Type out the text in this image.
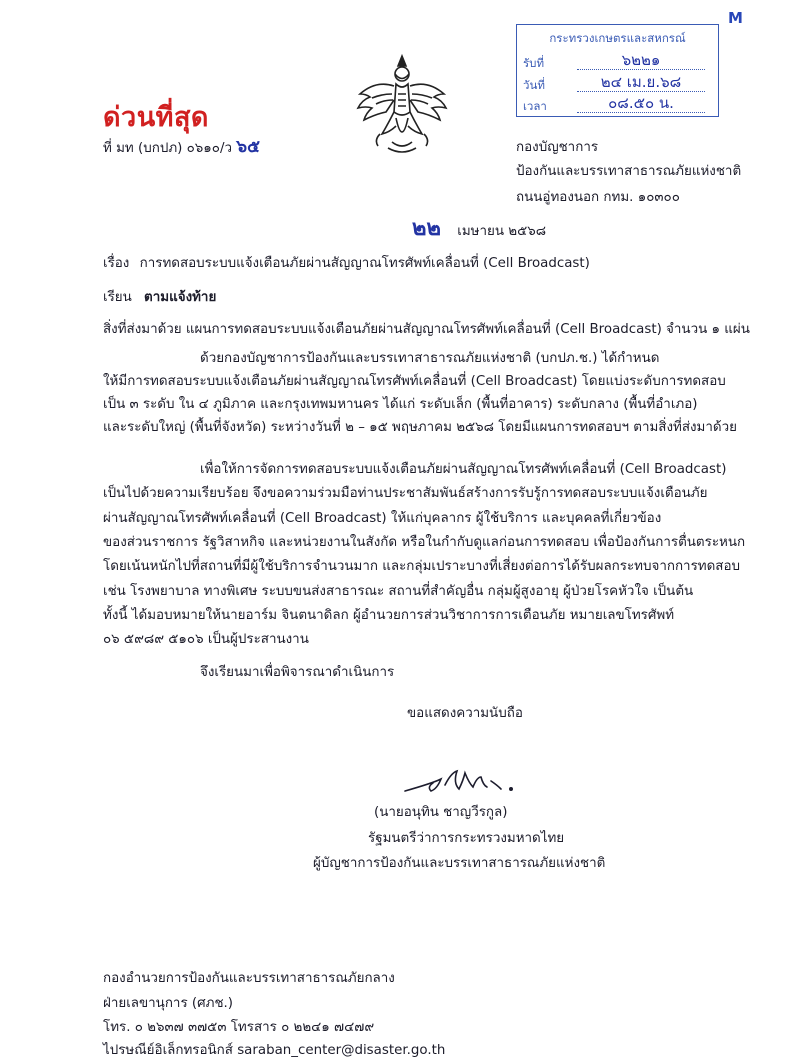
กระทรวงเกษตรและสหกรณ์
รับที่	๖๒๒๑
วันที่	๒๔ เม.ย.๖๘
เวลา	๐๘.๕๐ น.
M
ด่วนที่สุด
ที่ มท (บกปภ) ๐๖๑๐/ว ๖๕	กองบัญชาการ
ป้องกันและบรรเทาสาธารณภัยแห่งชาติ
ถนนอู่ทองนอก กทม. ๑๐๓๐๐
๒๒ เมษายน ๒๕๖๘
เรื่อง การทดสอบระบบแจ้งเตือนภัยผ่านสัญญาณโทรศัพท์เคลื่อนที่ (Cell Broadcast)
เรียน ตามแจ้งท้าย
สิ่งที่ส่งมาด้วย แผนการทดสอบระบบแจ้งเตือนภัยผ่านสัญญาณโทรศัพท์เคลื่อนที่ (Cell Broadcast) จำนวน ๑ แผ่น
ด้วยกองบัญชาการป้องกันและบรรเทาสาธารณภัยแห่งชาติ (บกปภ.ช.) ได้กำหนด
ให้มีการทดสอบระบบแจ้งเตือนภัยผ่านสัญญาณโทรศัพท์เคลื่อนที่ (Cell Broadcast) โดยแบ่งระดับการทดสอบ
เป็น ๓ ระดับ ใน ๔ ภูมิภาค และกรุงเทพมหานคร ได้แก่ ระดับเล็ก (พื้นที่อาคาร) ระดับกลาง (พื้นที่อำเภอ)
และระดับใหญ่ (พื้นที่จังหวัด) ระหว่างวันที่ ๒ – ๑๕ พฤษภาคม ๒๕๖๘ โดยมีแผนการทดสอบฯ ตามสิ่งที่ส่งมาด้วย
เพื่อให้การจัดการทดสอบระบบแจ้งเตือนภัยผ่านสัญญาณโทรศัพท์เคลื่อนที่ (Cell Broadcast)
เป็นไปด้วยความเรียบร้อย จึงขอความร่วมมือท่านประชาสัมพันธ์สร้างการรับรู้การทดสอบระบบแจ้งเตือนภัย
ผ่านสัญญาณโทรศัพท์เคลื่อนที่ (Cell Broadcast) ให้แก่บุคลากร ผู้ใช้บริการ และบุคคลที่เกี่ยวข้อง
ของส่วนราชการ รัฐวิสาหกิจ และหน่วยงานในสังกัด หรือในกำกับดูแลก่อนการทดสอบ เพื่อป้องกันการตื่นตระหนก
โดยเน้นหนักไปที่สถานที่มีผู้ใช้บริการจำนวนมาก และกลุ่มเปราะบางที่เสี่ยงต่อการได้รับผลกระทบจากการทดสอบ
เช่น โรงพยาบาล ทางพิเศษ ระบบขนส่งสาธารณะ สถานที่สำคัญอื่น กลุ่มผู้สูงอายุ ผู้ป่วยโรคหัวใจ เป็นต้น
ทั้งนี้ ได้มอบหมายให้นายอาร์ม จินตนาดิลก ผู้อำนวยการส่วนวิชาการการเตือนภัย หมายเลขโทรศัพท์
๐๖ ๕๙๘๙ ๕๑๐๖ เป็นผู้ประสานงาน
จึงเรียนมาเพื่อพิจารณาดำเนินการ
ขอแสดงความนับถือ
(นายอนุทิน ชาญวีรกูล)
รัฐมนตรีว่าการกระทรวงมหาดไทย
ผู้บัญชาการป้องกันและบรรเทาสาธารณภัยแห่งชาติ
กองอำนวยการป้องกันและบรรเทาสาธารณภัยกลาง
ฝ่ายเลขานุการ (ศภช.)
โทร. ๐ ๒๖๓๗ ๓๗๕๓ โทรสาร ๐ ๒๒๔๑ ๗๔๗๙
ไปรษณีย์อิเล็กทรอนิกส์ saraban_center@disaster.go.th
